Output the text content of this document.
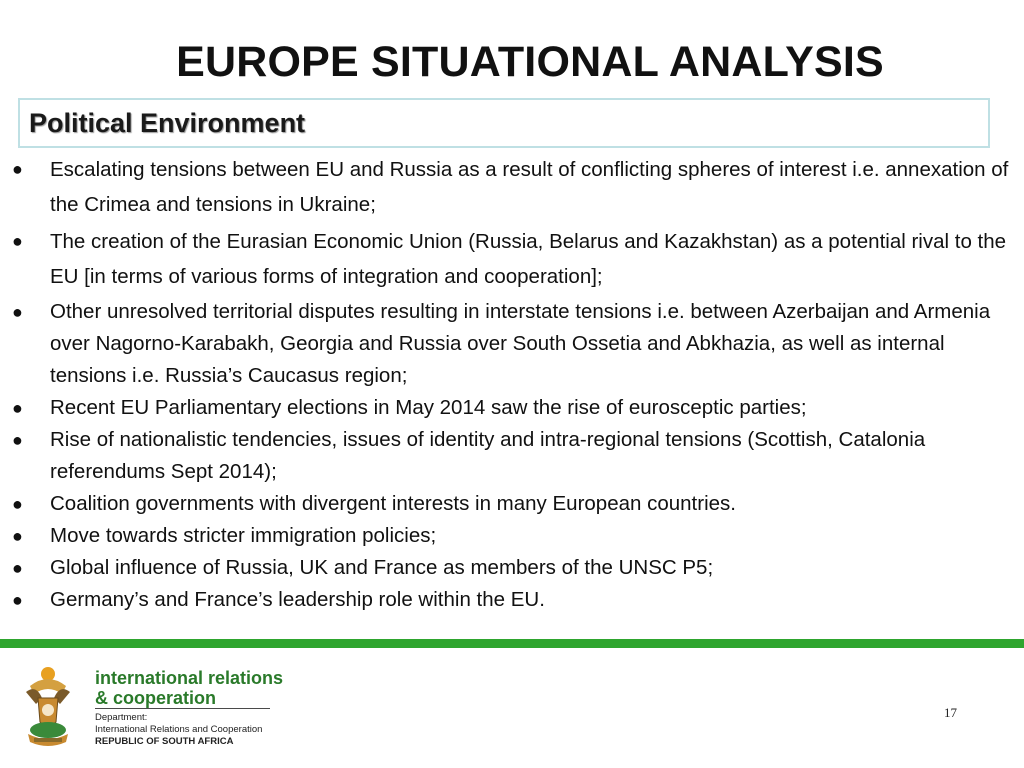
EUROPE SITUATIONAL ANALYSIS
Political Environment
● Escalating tensions between EU and Russia as a result of conflicting spheres of interest i.e. annexation of the Crimea and tensions in Ukraine;
● The creation of the Eurasian Economic Union (Russia, Belarus and Kazakhstan) as a potential rival to the EU [in terms of various forms of integration and cooperation];
● Other unresolved territorial disputes resulting in interstate tensions i.e. between Azerbaijan and Armenia over Nagorno-Karabakh, Georgia and Russia over South Ossetia and Abkhazia, as well as internal tensions i.e. Russia’s Caucasus region;
● Recent EU Parliamentary elections in May 2014 saw the rise of eurosceptic parties;
● Rise of nationalistic tendencies, issues of identity and intra-regional tensions (Scottish, Catalonia referendums Sept 2014);
● Coalition governments with divergent interests in many European countries.
● Move towards stricter immigration policies;
● Global influence of Russia, UK and France as members of the UNSC P5;
● Germany’s and France’s leadership role within the EU.
international relations
& cooperation
Department:
International Relations and Cooperation
REPUBLIC OF SOUTH AFRICA
17
